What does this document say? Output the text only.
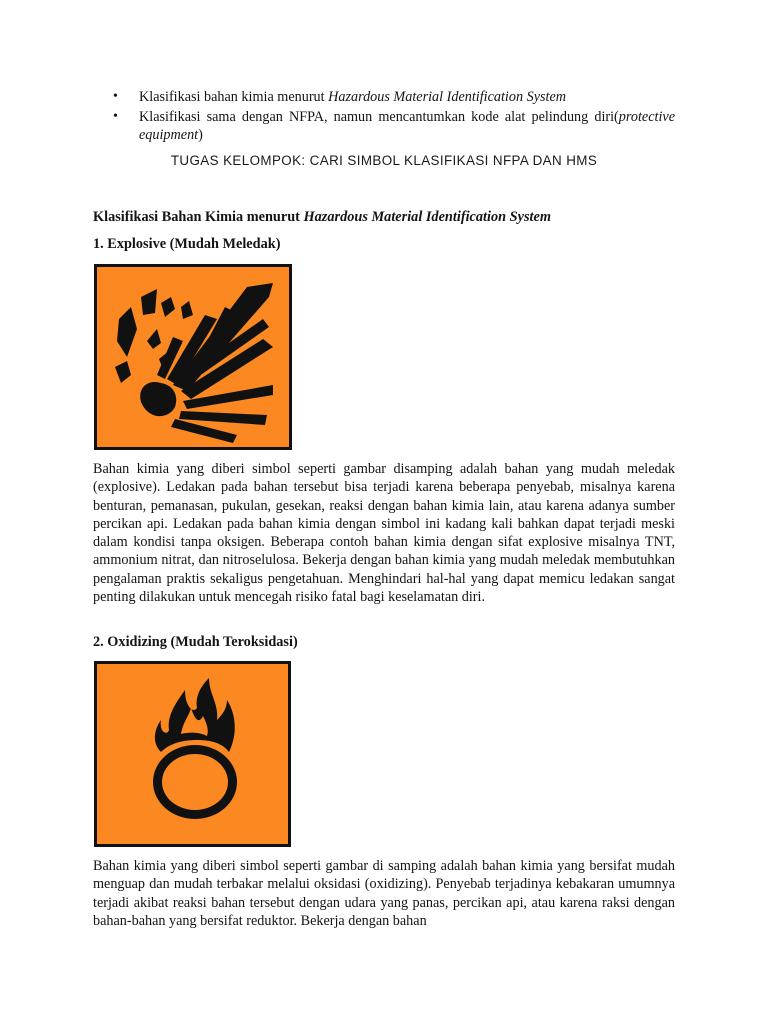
• Klasifikasi bahan kimia menurut Hazardous Material Identification System
• Klasifikasi sama dengan NFPA, namun mencantumkan kode alat pelindung diri(protective equipment)
TUGAS KELOMPOK: CARI SIMBOL KLASIFIKASI NFPA DAN HMS
Klasifikasi Bahan Kimia menurut Hazardous Material Identification System
1. Explosive (Mudah Meledak)

Bahan kimia yang diberi simbol seperti gambar disamping adalah bahan yang mudah meledak (explosive). Ledakan pada bahan tersebut bisa terjadi karena beberapa penyebab, misalnya karena benturan, pemanasan, pukulan, gesekan, reaksi dengan bahan kimia lain, atau karena adanya sumber percikan api. Ledakan pada bahan kimia dengan simbol ini kadang kali bahkan dapat terjadi meski dalam kondisi tanpa oksigen. Beberapa contoh bahan kimia dengan sifat explosive misalnya TNT, ammonium nitrat, dan nitroselulosa. Bekerja dengan bahan kimia yang mudah meledak membutuhkan pengalaman praktis sekaligus pengetahuan. Menghindari hal-hal yang dapat memicu ledakan sangat penting dilakukan untuk mencegah risiko fatal bagi keselamatan diri.

2. Oxidizing (Mudah Teroksidasi)

Bahan kimia yang diberi simbol seperti gambar di samping adalah bahan kimia yang bersifat mudah menguap dan mudah terbakar melalui oksidasi (oxidizing). Penyebab terjadinya kebakaran umumnya terjadi akibat reaksi bahan tersebut dengan udara yang panas, percikan api, atau karena raksi dengan bahan-bahan yang bersifat reduktor. Bekerja dengan bahan
